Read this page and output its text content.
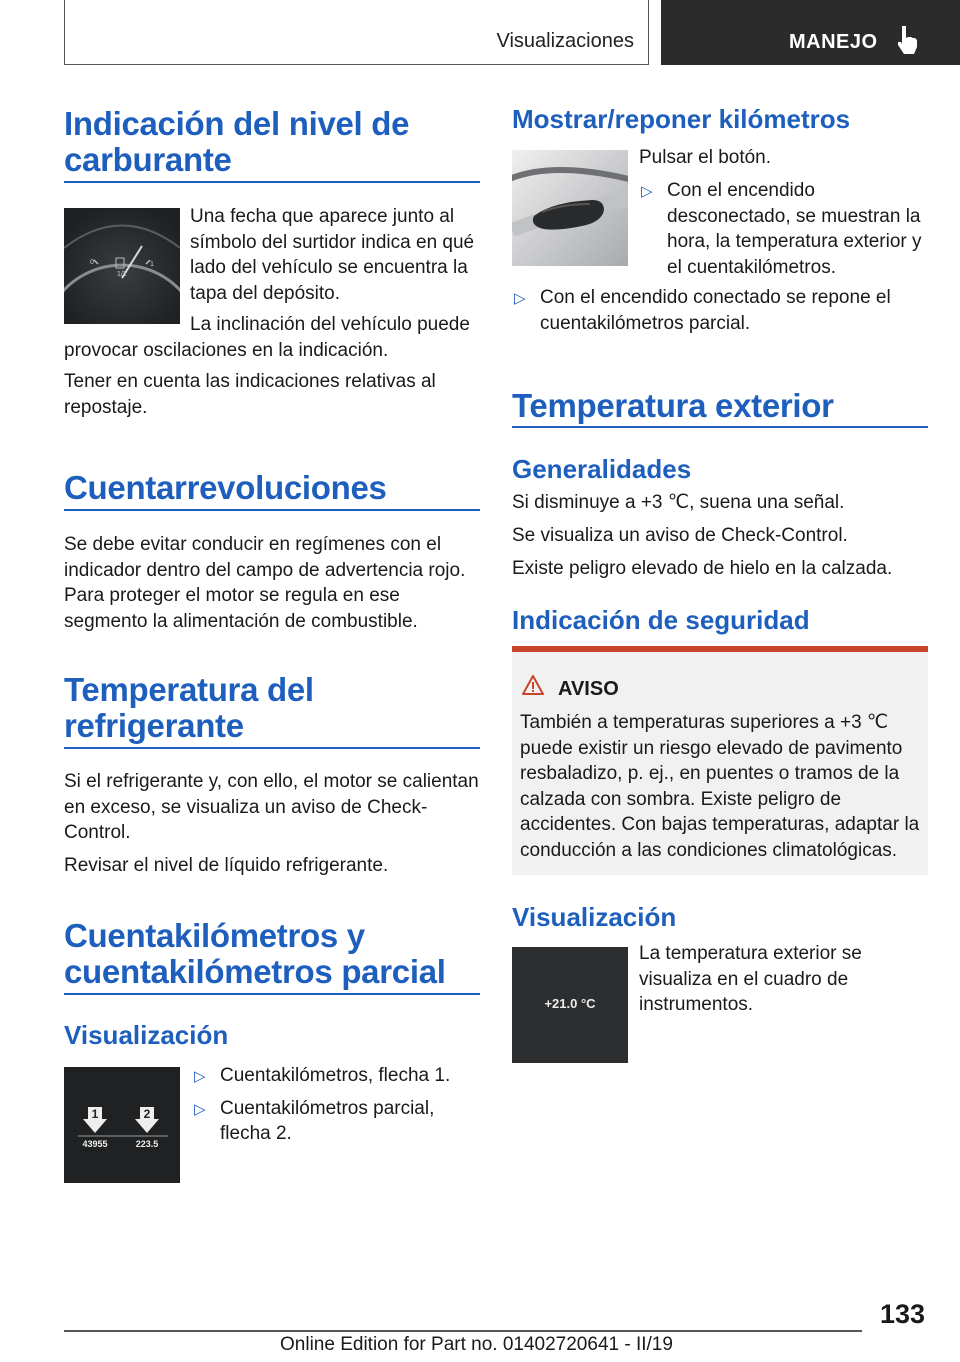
Visualizaciones	MANEJO
Indicación del nivel de carburante
0
1/2
1
Una fecha que aparece junto al símbolo del surtidor indica en qué lado del vehículo se encuentra la tapa del depósito.
La inclinación del vehículo puede provocar oscilaciones en la indicación.
Tener en cuenta las indicaciones relativas al repostaje.
Cuentarrevoluciones
Se debe evitar conducir en regímenes con el indicador dentro del campo de advertencia rojo. Para proteger el motor se regula en ese segmento la alimentación de combustible.
Temperatura del refrigerante
Si el refrigerante y, con ello, el motor se calientan en exceso, se visualiza un aviso de Check-Control.
Revisar el nivel de líquido refrigerante.
Cuentakilómetros y cuentakilómetros parcial
Visualización
1	2
43955	223.5
▷ Cuentakilómetros, flecha 1.
▷ Cuentakilómetros parcial, flecha 2.
Mostrar/reponer kilómetros
Pulsar el botón.
▷ Con el encendido desconectado, se muestran la hora, la temperatura exterior y el cuentakilómetros.
▷ Con el encendido conectado se repone el cuentakilómetros parcial.
Temperatura exterior
Generalidades
Si disminuye a +3 ℃, suena una señal.
Se visualiza un aviso de Check-Control.
Existe peligro elevado de hielo en la calzada.
Indicación de seguridad
AVISO
También a temperaturas superiores a +3 ℃ puede existir un riesgo elevado de pavimento resbaladizo, p. ej., en puentes o tramos de la calzada con sombra. Existe peligro de accidentes. Con bajas temperaturas, adaptar la conducción a las condiciones climatológicas.
Visualización
+21.0 °C
La temperatura exterior se visualiza en el cuadro de instrumentos.
133
Online Edition for Part no. 01402720641 - II/19
